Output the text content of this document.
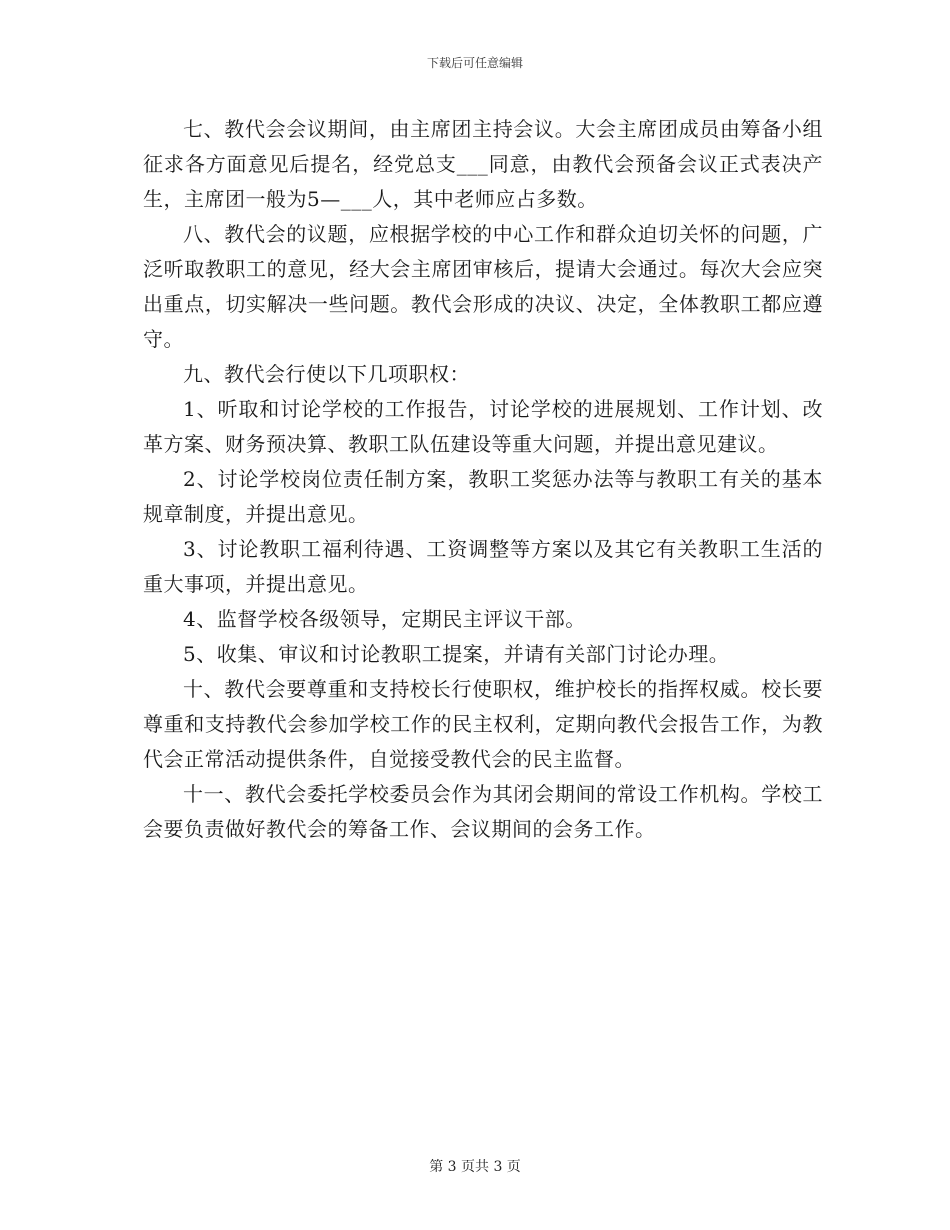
下载后可任意编辑

七、教代会会议期间，由主席团主持会议。大会主席团成员由筹备小组征求各方面意见后提名，经党总支___同意，由教代会预备会议正式表决产生，主席团一般为5—___人，其中老师应占多数。

八、教代会的议题，应根据学校的中心工作和群众迫切关怀的问题，广泛听取教职工的意见，经大会主席团审核后，提请大会通过。每次大会应突出重点，切实解决一些问题。教代会形成的决议、决定，全体教职工都应遵守。

九、教代会行使以下几项职权：

1、听取和讨论学校的工作报告，讨论学校的进展规划、工作计划、改革方案、财务预决算、教职工队伍建设等重大问题，并提出意见建议。

2、讨论学校岗位责任制方案，教职工奖惩办法等与教职工有关的基本规章制度，并提出意见。

3、讨论教职工福利待遇、工资调整等方案以及其它有关教职工生活的重大事项，并提出意见。

4、监督学校各级领导，定期民主评议干部。

5、收集、审议和讨论教职工提案，并请有关部门讨论办理。

十、教代会要尊重和支持校长行使职权，维护校长的指挥权威。校长要尊重和支持教代会参加学校工作的民主权利，定期向教代会报告工作，为教代会正常活动提供条件，自觉接受教代会的民主监督。

十一、教代会委托学校委员会作为其闭会期间的常设工作机构。学校工会要负责做好教代会的筹备工作、会议期间的会务工作。

第 3 页共 3 页
